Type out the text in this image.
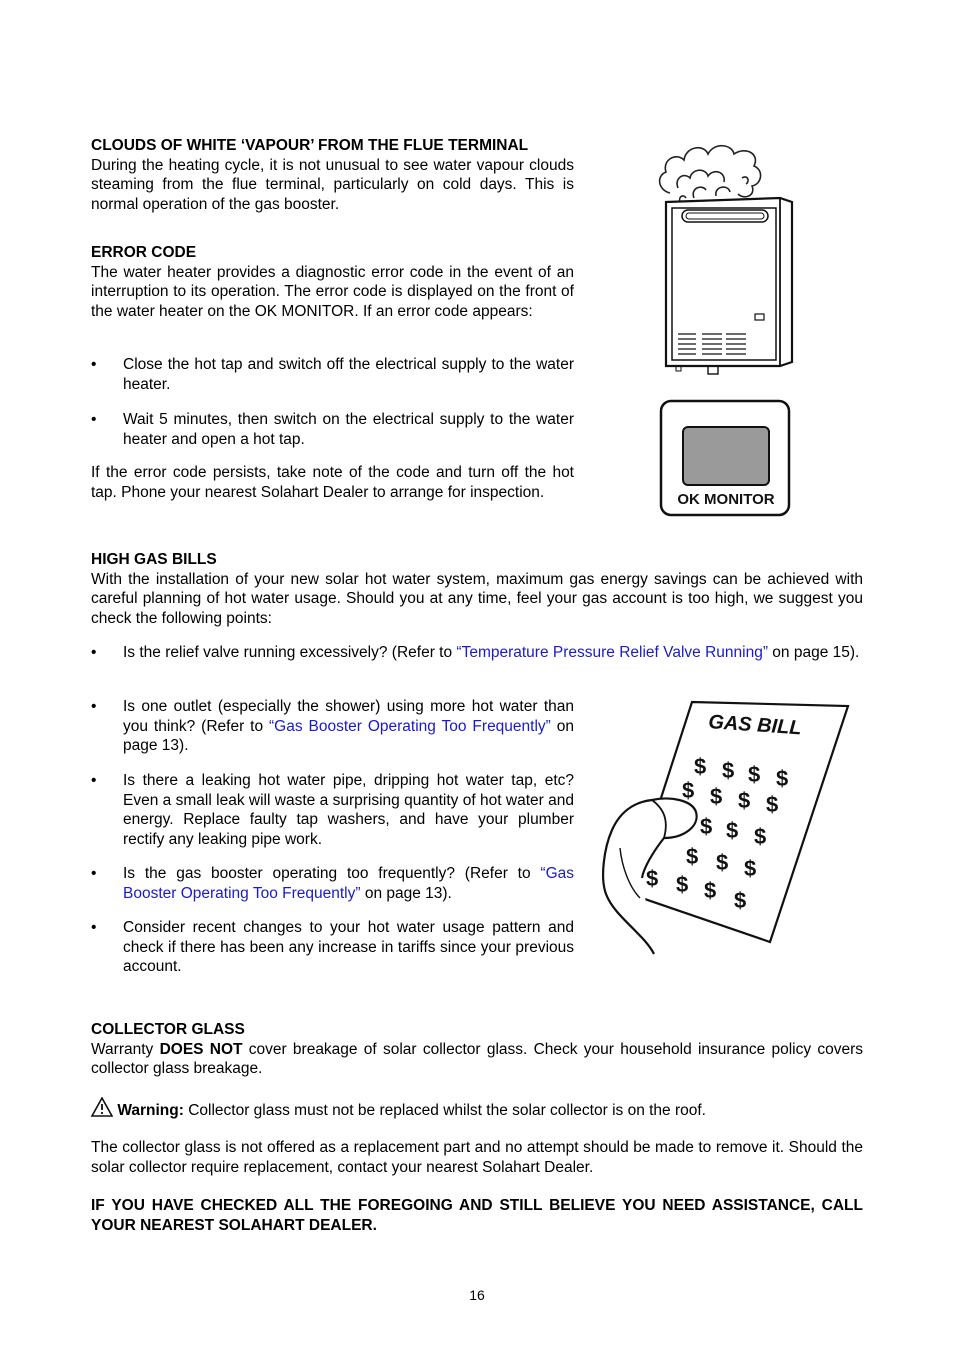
CLOUDS OF WHITE ‘VAPOUR’ FROM THE FLUE TERMINAL
During the heating cycle, it is not unusual to see water vapour clouds steaming from the flue terminal, particularly on cold days. This is normal operation of the gas booster.
ERROR CODE
The water heater provides a diagnostic error code in the event of an interruption to its operation. The error code is displayed on the front of the water heater on the OK MONITOR. If an error code appears:
• Close the hot tap and switch off the electrical supply to the water heater.
• Wait 5 minutes, then switch on the electrical supply to the water heater and open a hot tap.
If the error code persists, take note of the code and turn off the hot tap. Phone your nearest Solahart Dealer to arrange for inspection.	OK MONITOR
HIGH GAS BILLS
With the installation of your new solar hot water system, maximum gas energy savings can be achieved with careful planning of hot water usage. Should you at any time, feel your gas account is too high, we suggest you check the following points:
• Is the relief valve running excessively? (Refer to “Temperature Pressure Relief Valve Running” on page 15).
• Is one outlet (especially the shower) using more hot water than you think? (Refer to “Gas Booster Operating Too Frequently” on page 13).
• Is there a leaking hot water pipe, dripping hot water tap, etc? Even a small leak will waste a surprising quantity of hot water and energy. Replace faulty tap washers, and have your plumber rectify any leaking pipe work.
• Is the gas booster operating too frequently? (Refer to “Gas Booster Operating Too Frequently” on page 13).
• Consider recent changes to your hot water usage pattern and check if there has been any increase in tariffs since your previous account.
GAS BILL
$ $ $ $
$ $ $ $
$ $ $
$ $ $
$ $ $ $
COLLECTOR GLASS
Warranty DOES NOT cover breakage of solar collector glass. Check your household insurance policy covers collector glass breakage.
Warning: Collector glass must not be replaced whilst the solar collector is on the roof.
The collector glass is not offered as a replacement part and no attempt should be made to remove it. Should the solar collector require replacement, contact your nearest Solahart Dealer.
IF YOU HAVE CHECKED ALL THE FOREGOING AND STILL BELIEVE YOU NEED ASSISTANCE, CALL YOUR NEAREST SOLAHART DEALER.
16
